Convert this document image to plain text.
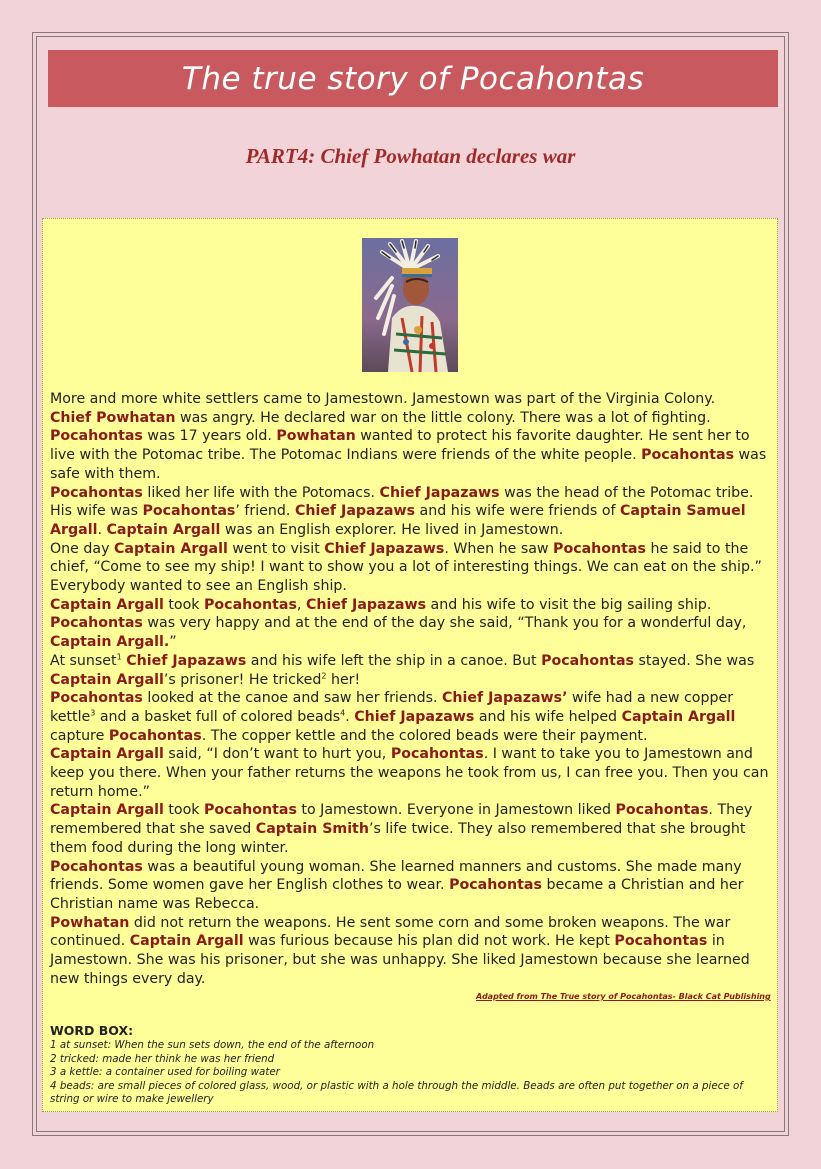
The true story of Pocahontas
PART4: Chief Powhatan declares war
More and more white settlers came to Jamestown. Jamestown was part of the Virginia Colony.
Chief Powhatan was angry. He declared war on the little colony. There was a lot of fighting.
Pocahontas was 17 years old. Powhatan wanted to protect his favorite daughter. He sent her to live with the Potomac tribe. The Potomac Indians were friends of the white people. Pocahontas was safe with them.
Pocahontas liked her life with the Potomacs. Chief Japazaws was the head of the Potomac tribe. His wife was Pocahontas’ friend. Chief Japazaws and his wife were friends of Captain Samuel Argall. Captain Argall was an English explorer. He lived in Jamestown.
One day Captain Argall went to visit Chief Japazaws. When he saw Pocahontas he said to the chief, “Come to see my ship! I want to show you a lot of interesting things. We can eat on the ship.” Everybody wanted to see an English ship.
Captain Argall took Pocahontas, Chief Japazaws and his wife to visit the big sailing ship.
Pocahontas was very happy and at the end of the day she said, “Thank you for a wonderful day, Captain Argall.”
At sunset$^1$ Chief Japazaws and his wife left the ship in a canoe. But Pocahontas stayed. She was Captain Argall’s prisoner! He tricked$^2$ her!
Pocahontas looked at the canoe and saw her friends. Chief Japazaws’ wife had a new copper kettle$^3$ and a basket full of colored beads$^4$. Chief Japazaws and his wife helped Captain Argall capture Pocahontas. The copper kettle and the colored beads were their payment.
Captain Argall said, “I don’t want to hurt you, Pocahontas. I want to take you to Jamestown and keep you there. When your father returns the weapons he took from us, I can free you. Then you can return home.”
Captain Argall took Pocahontas to Jamestown. Everyone in Jamestown liked Pocahontas. They remembered that she saved Captain Smith’s life twice. They also remembered that she brought them food during the long winter.
Pocahontas was a beautiful young woman. She learned manners and customs. She made many friends. Some women gave her English clothes to wear. Pocahontas became a Christian and her Christian name was Rebecca.
Powhatan did not return the weapons. He sent some corn and some broken weapons. The war continued. Captain Argall was furious because his plan did not work. He kept Pocahontas in Jamestown. She was his prisoner, but she was unhappy. She liked Jamestown because she learned new things every day.
Adapted from The True story of Pocahontas- Black Cat Publishing
WORD BOX:
1 at sunset: When the sun sets down, the end of the afternoon
2 tricked: made her think he was her friend
3 a kettle: a container used for boiling water
4 beads: are small pieces of colored glass, wood, or plastic with a hole through the middle. Beads are often put together on a piece of string or wire to make jewellery
